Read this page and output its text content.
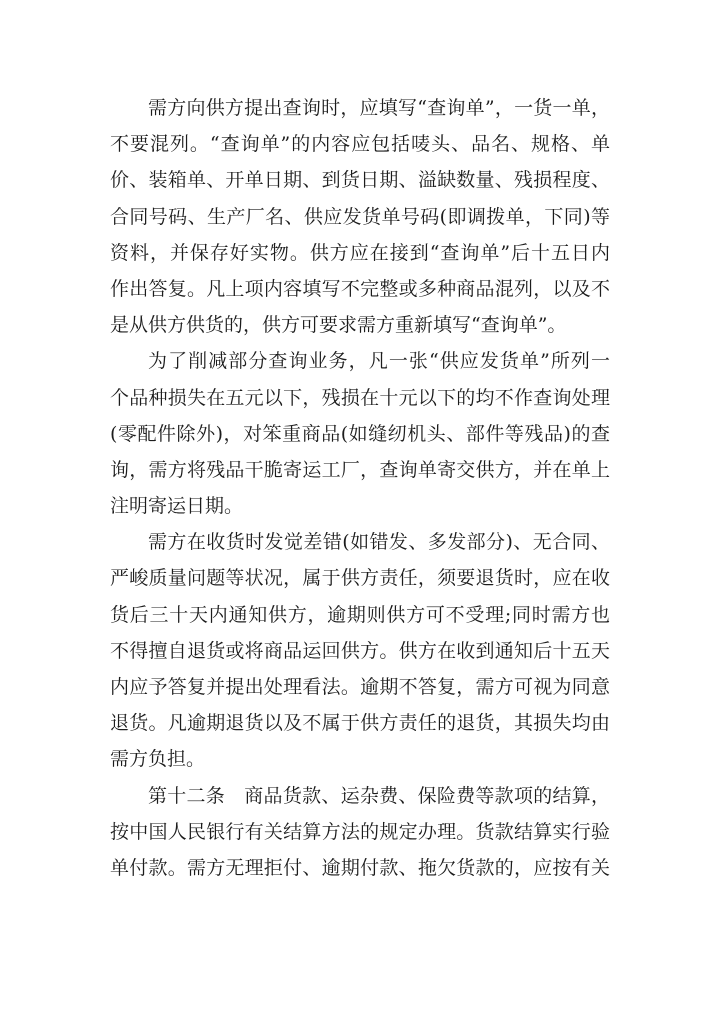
需方向供方提出查询时，应填写“查询单”，一货一单，
不要混列。“查询单”的内容应包括唛头、品名、规格、单
价、装箱单、开单日期、到货日期、溢缺数量、残损程度、
合同号码、生产厂名、供应发货单号码(即调拨单，下同)等
资料，并保存好实物。供方应在接到“查询单”后十五日内
作出答复。凡上项内容填写不完整或多种商品混列，以及不
是从供方供货的，供方可要求需方重新填写“查询单”。
为了削减部分查询业务，凡一张“供应发货单”所列一
个品种损失在五元以下，残损在十元以下的均不作查询处理
(零配件除外)，对笨重商品(如缝纫机头、部件等残品)的查
询，需方将残品干脆寄运工厂，查询单寄交供方，并在单上
注明寄运日期。
需方在收货时发觉差错(如错发、多发部分)、无合同、
严峻质量问题等状况，属于供方责任，须要退货时，应在收
货后三十天内通知供方，逾期则供方可不受理;同时需方也
不得擅自退货或将商品运回供方。供方在收到通知后十五天
内应予答复并提出处理看法。逾期不答复，需方可视为同意
退货。凡逾期退货以及不属于供方责任的退货，其损失均由
需方负担。
第十二条　商品货款、运杂费、保险费等款项的结算，
按中国人民银行有关结算方法的规定办理。货款结算实行验
单付款。需方无理拒付、逾期付款、拖欠货款的，应按有关
